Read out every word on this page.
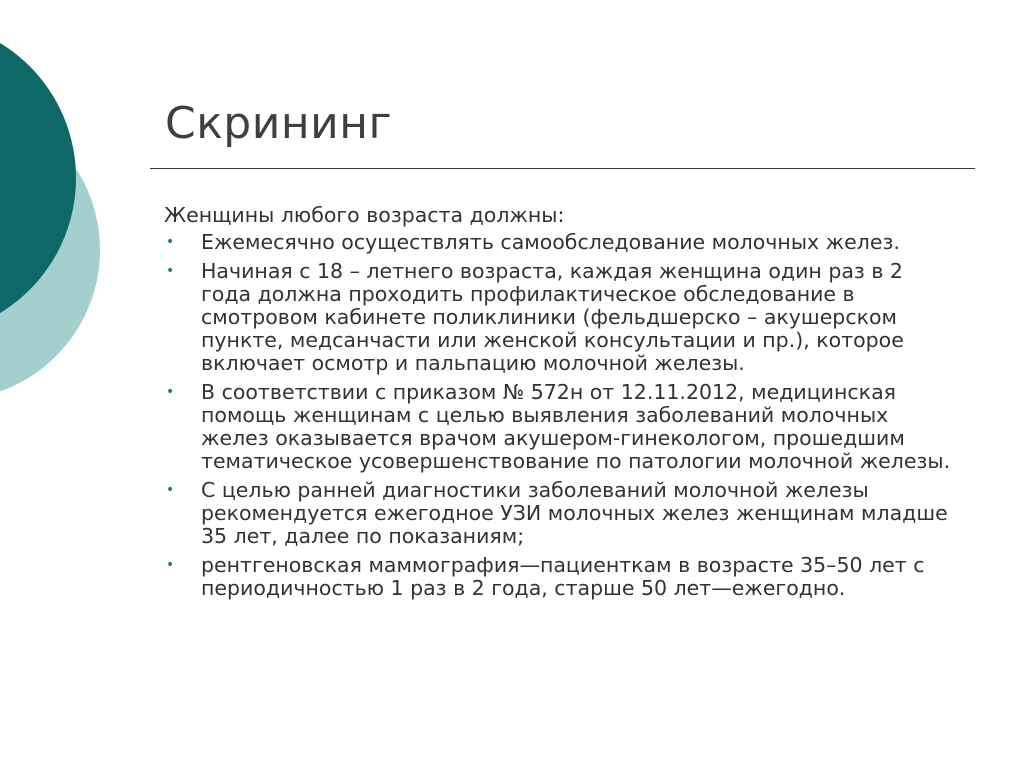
Скрининг

Женщины любого возраста должны:

• Ежемесячно осуществлять самообследование молочных желез.
• Начиная с 18 – летнего возраста, каждая женщина один раз в 2 года должна проходить профилактическое обследование в смотровом кабинете поликлиники (фельдшерско – акушерском пункте, медсанчасти или женской консультации и пр.), которое включает осмотр и пальпацию молочной железы.
• В соответствии с приказом № 572н от 12.11.2012, медицинская помощь женщинам с целью выявления заболеваний молочных желез оказывается врачом акушером-гинекологом, прошедшим тематическое усовершенствование по патологии молочной железы.
• С целью ранней диагностики заболеваний молочной железы рекомендуется ежегодное УЗИ молочных желез женщинам младше 35 лет, далее по показаниям;
• рентгеновская маммография—пациенткам в возрасте 35–50 лет с периодичностью 1 раз в 2 года, старше 50 лет—ежегодно.
